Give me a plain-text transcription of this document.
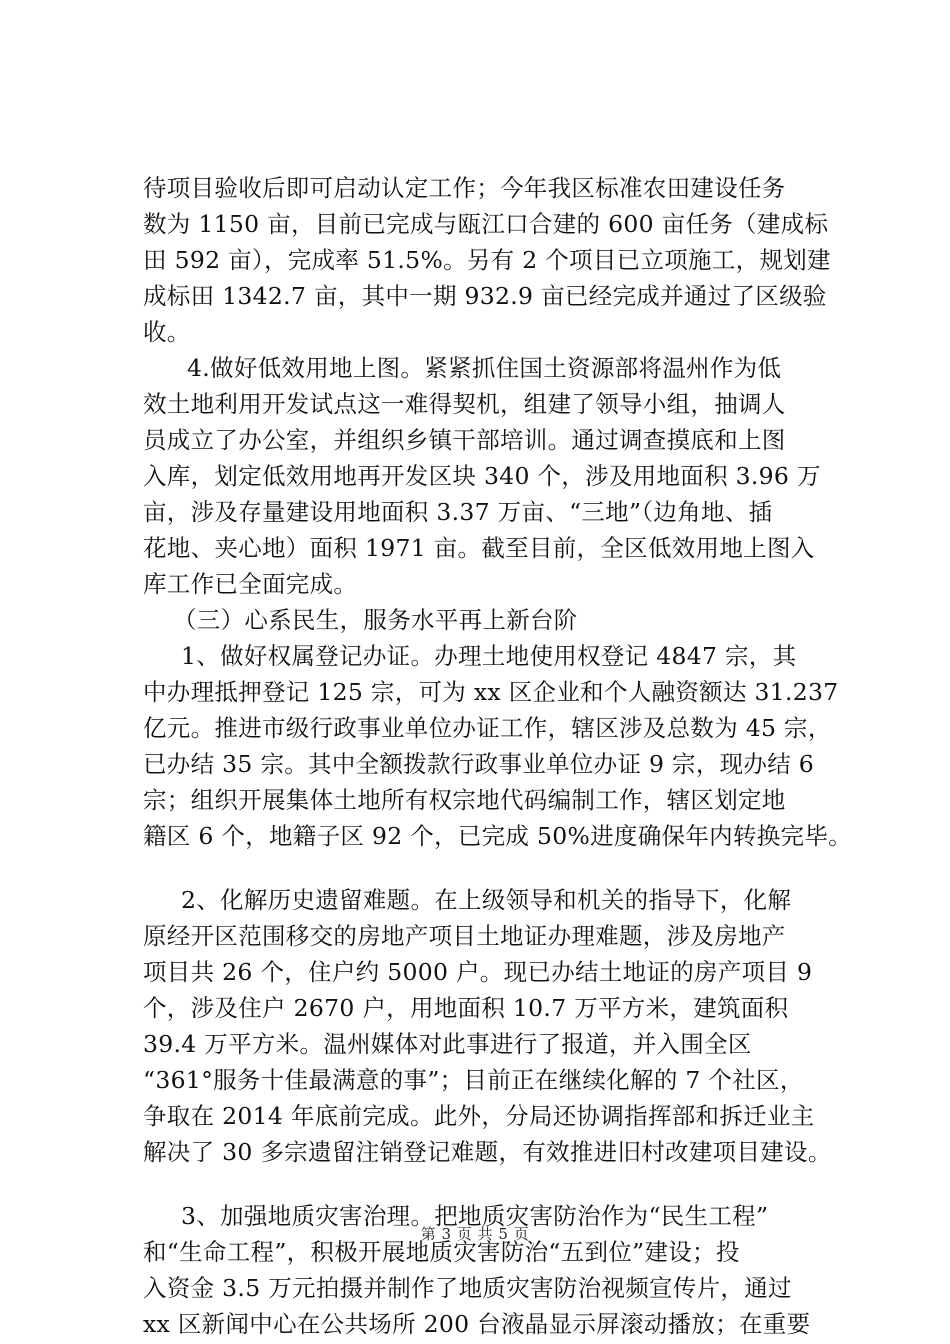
待项目验收后即可启动认定工作；今年我区标准农田建设任务
数为 1150 亩，目前已完成与瓯江口合建的 600 亩任务（建成标
田 592 亩），完成率 51.5%。另有 2 个项目已立项施工，规划建
成标田 1342.7 亩，其中一期 932.9 亩已经完成并通过了区级验
收。
4.做好低效用地上图。紧紧抓住国土资源部将温州作为低
效土地利用开发试点这一难得契机，组建了领导小组，抽调人
员成立了办公室，并组织乡镇干部培训。通过调查摸底和上图
入库，划定低效用地再开发区块 340 个，涉及用地面积 3.96 万
亩，涉及存量建设用地面积 3.37 万亩、“三地”（边角地、插
花地、夹心地）面积 1971 亩。截至目前，全区低效用地上图入
库工作已全面完成。
（三）心系民生，服务水平再上新台阶
1、做好权属登记办证。办理土地使用权登记 4847 宗，其
中办理抵押登记 125 宗，可为 xx 区企业和个人融资额达 31.237
亿元。推进市级行政事业单位办证工作，辖区涉及总数为 45 宗，
已办结 35 宗。其中全额拨款行政事业单位办证 9 宗，现办结 6
宗；组织开展集体土地所有权宗地代码编制工作，辖区划定地
籍区 6 个，地籍子区 92 个，已完成 50%进度确保年内转换完毕。
2、化解历史遗留难题。在上级领导和机关的指导下，化解
原经开区范围移交的房地产项目土地证办理难题，涉及房地产
项目共 26 个，住户约 5000 户。现已办结土地证的房产项目 9
个，涉及住户 2670 户，用地面积 10.7 万平方米，建筑面积
39.4 万平方米。温州媒体对此事进行了报道，并入围全区
“361°服务十佳最满意的事”；目前正在继续化解的 7 个社区，
争取在 2014 年底前完成。此外，分局还协调指挥部和拆迁业主
解决了 30 多宗遗留注销登记难题，有效推进旧村改建项目建设。
3、加强地质灾害治理。把地质灾害防治作为“民生工程”
和“生命工程”，积极开展地质灾害防治“五到位”建设；投
入资金 3.5 万元拍摄并制作了地质灾害防治视频宣传片，通过
xx 区新闻中心在公共场所 200 台液晶显示屏滚动播放；在重要
第 3 页 共 5 页
